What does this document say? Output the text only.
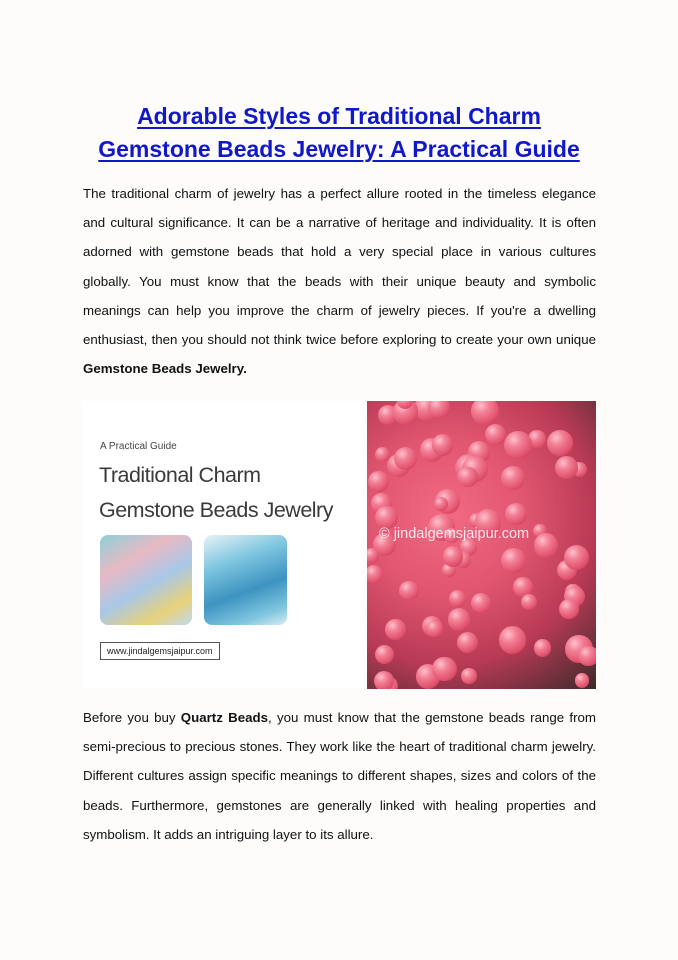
Adorable Styles of Traditional Charm
Gemstone Beads Jewelry: A Practical Guide

The traditional charm of jewelry has a perfect allure rooted in the timeless elegance and cultural significance. It can be a narrative of heritage and individuality. It is often adorned with gemstone beads that hold a very special place in various cultures globally. You must know that the beads with their unique beauty and symbolic meanings can help you improve the charm of jewelry pieces. If you're a dwelling enthusiast, then you should not think twice before exploring to create your own unique Gemstone Beads Jewelry.

A Practical Guide
Traditional Charm
Gemstone Beads Jewelry
www.jindalgemsjaipur.com
© jindalgemsjaipur.com

Before you buy Quartz Beads, you must know that the gemstone beads range from semi-precious to precious stones. They work like the heart of traditional charm jewelry. Different cultures assign specific meanings to different shapes, sizes and colors of the beads. Furthermore, gemstones are generally linked with healing properties and symbolism. It adds an intriguing layer to its allure.
